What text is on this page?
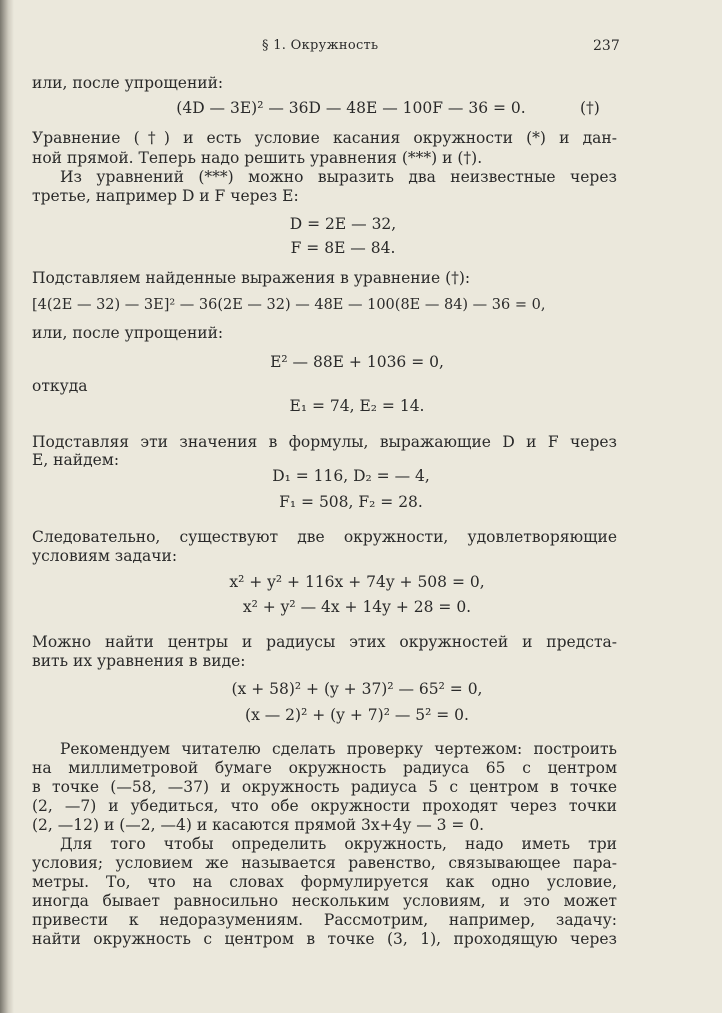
§ 1. Окружность	237
или, после упрощений:
(4D — 3E)² — 36D — 48E — 100F — 36 = 0.	(†)
Уравнение (†) и есть условие касания окружности (*) и дан-
ной прямой. Теперь надо решить уравнения (***) и (†).
Из уравнений (***) можно выразить два неизвестные через
третье, например D и F через E:
D = 2E — 32,
F = 8E — 84.
Подставляем найденные выражения в уравнение (†):
[4(2E — 32) — 3E]² — 36(2E — 32) — 48E — 100(8E — 84) — 36 = 0,
или, после упрощений:
E² — 88E + 1036 = 0,
откуда
E₁ = 74, E₂ = 14.
Подставляя эти значения в формулы, выражающие D и F через
E, найдем:
D₁ = 116, D₂ = — 4,
F₁ = 508, F₂ = 28.
Следовательно, существуют две окружности, удовлетворяющие
условиям задачи:
x² + y² + 116x + 74y + 508 = 0,
x² + y² — 4x + 14y + 28 = 0.
Можно найти центры и радиусы этих окружностей и предста-
вить их уравнения в виде:
(x + 58)² + (y + 37)² — 65² = 0,
(x — 2)² + (y + 7)² — 5² = 0.
Рекомендуем читателю сделать проверку чертежом: построить
на миллиметровой бумаге окружность радиуса 65 с центром
в точке (—58, —37) и окружность радиуса 5 с центром в точке
(2, —7) и убедиться, что обе окружности проходят через точки
(2, —12) и (—2, —4) и касаются прямой 3x+4y — 3 = 0.
Для того чтобы определить окружность, надо иметь три
условия; условием же называется равенство, связывающее пара-
метры. То, что на словах формулируется как одно условие,
иногда бывает равносильно нескольким условиям, и это может
привести к недоразумениям. Рассмотрим, например, задачу:
найти окружность с центром в точке (3, 1), проходящую через
